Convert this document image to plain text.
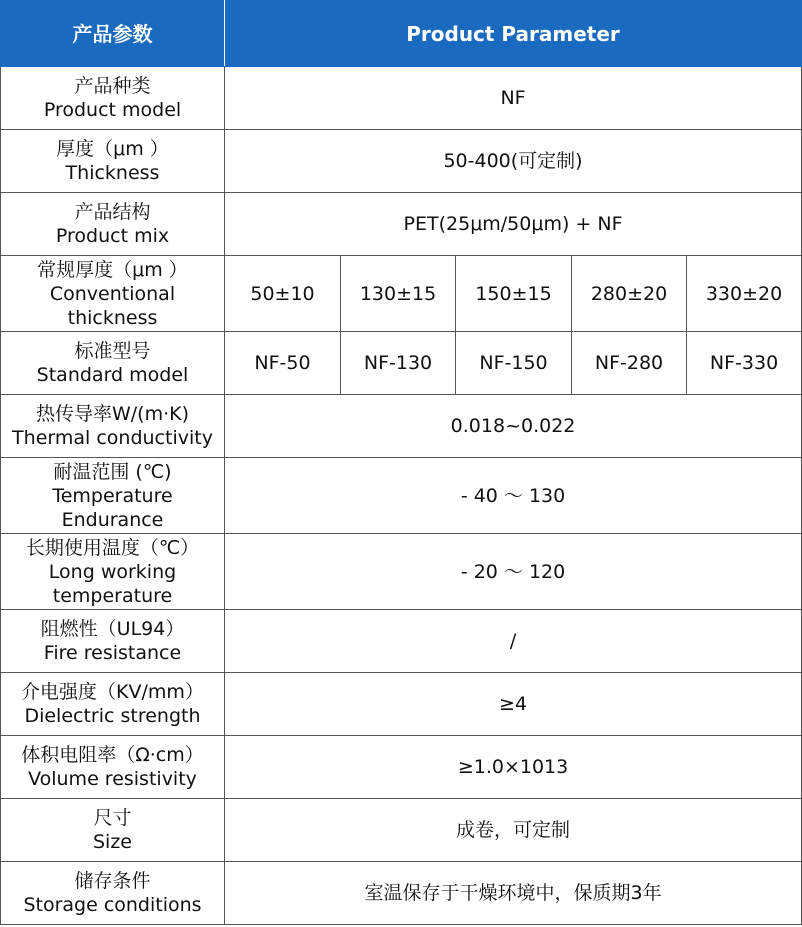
产品参数	Product Parameter				

产品种类
Product model	NF				

厚度（μm ）
Thickness	50-400(可定制)				

产品结构
Product mix	PET(25μm/50μm) + NF				

常规厚度（μm ）
Conventional
thickness	50±10	130±15	150±15	280±20	330±20

标准型号
Standard model	NF-50	NF-130	NF-150	NF-280	NF-330

热传导率W/(m·K)
Thermal conductivity	0.018~0.022				

耐温范围 (℃)
Temperature
Endurance	- 40 ～ 130				

长期使用温度（℃）
Long working
temperature	- 20 ～ 120				

阻燃性（UL94）
Fire resistance	/				

介电强度（KV/mm）
Dielectric strength	≥4				

体积电阻率（Ω·cm）
Volume resistivity	≥1.0×1013				

尺寸
Size	成卷，可定制				

储存条件
Storage conditions	室温保存于干燥环境中，保质期3年				
